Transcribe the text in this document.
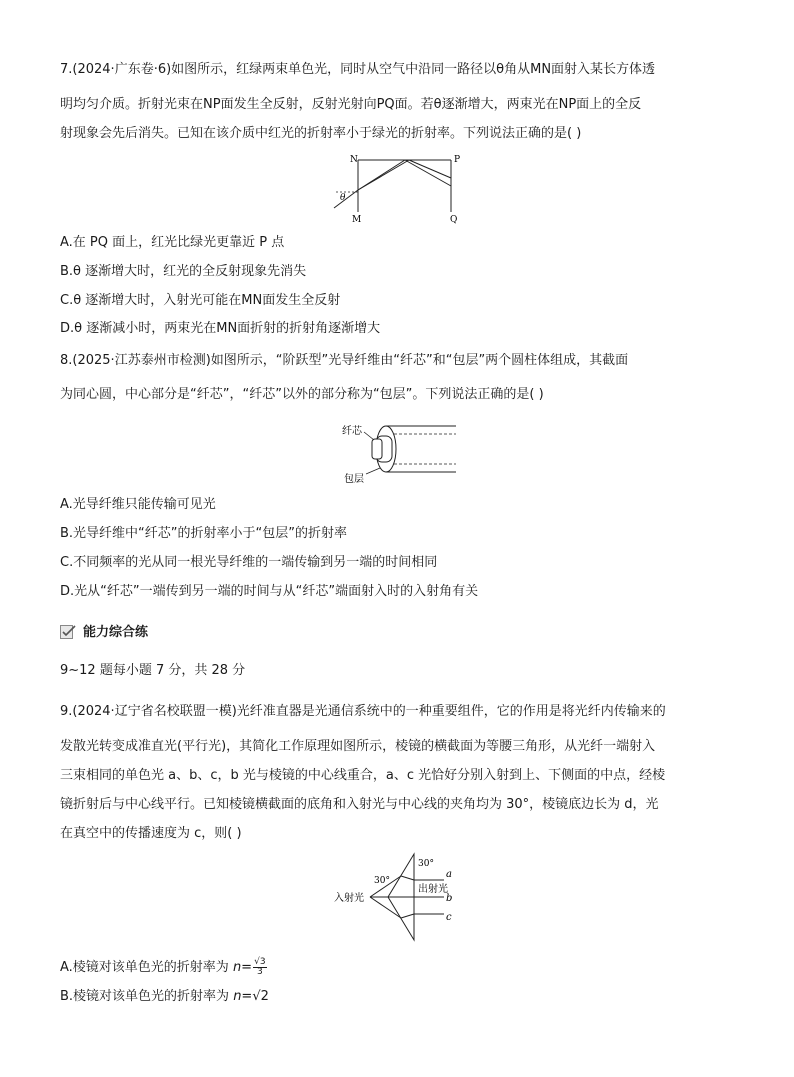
7.(2024·广东卷·6)如图所示，红绿两束单色光，同时从空气中沿同一路径以θ角从MN面射入某长方体透
明均匀介质。折射光束在NP面发生全反射，反射光射向PQ面。若θ逐渐增大，两束光在NP面上的全反
射现象会先后消失。已知在该介质中红光的折射率小于绿光的折射率。下列说法正确的是( )
N	P
M	Q
θ
A.在 PQ 面上，红光比绿光更靠近 P 点
B.θ 逐渐增大时，红光的全反射现象先消失
C.θ 逐渐增大时，入射光可能在MN面发生全反射
D.θ 逐渐减小时，两束光在MN面折射的折射角逐渐增大
8.(2025·江苏泰州市检测)如图所示，“阶跃型”光导纤维由“纤芯”和“包层”两个圆柱体组成，其截面
为同心圆，中心部分是“纤芯”，“纤芯”以外的部分称为“包层”。下列说法正确的是( )
纤芯
包层
A.光导纤维只能传输可见光
B.光导纤维中“纤芯”的折射率小于“包层”的折射率
C.不同频率的光从同一根光导纤维的一端传输到另一端的时间相同
D.光从“纤芯”一端传到另一端的时间与从“纤芯”端面射入时的入射角有关
能力综合练
9~12 题每小题 7 分，共 28 分
9.(2024·辽宁省名校联盟一模)光纤准直器是光通信系统中的一种重要组件，它的作用是将光纤内传输来的
发散光转变成准直光(平行光)，其简化工作原理如图所示，棱镜的横截面为等腰三角形，从光纤一端射入
三束相同的单色光 a、b、c，b 光与棱镜的中心线重合，a、c 光恰好分别入射到上、下侧面的中点，经棱
镜折射后与中心线平行。已知棱镜横截面的底角和入射光与中心线的夹角均为 30°，棱镜底边长为 d，光
在真空中的传播速度为 c，则( )
30°
30°
入射光
出射光
a
b
c
A.棱镜对该单色光的折射率为 $n= \frac{√3}{3}$
B.棱镜对该单色光的折射率为 n=√2
